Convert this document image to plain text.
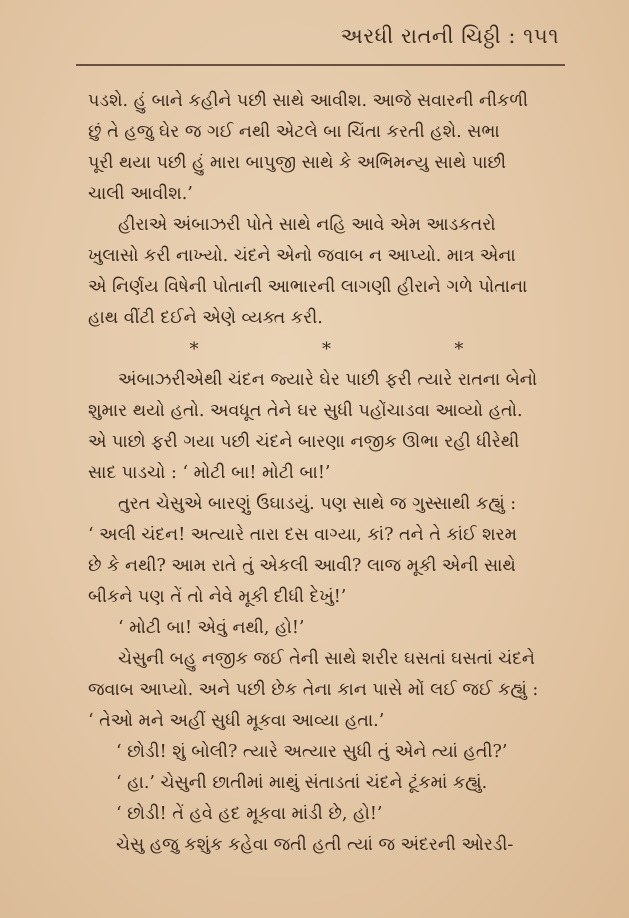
અરધી રાતની ચિઠ્ઠી : ૧૫૧
પડશે. હું બાને કહીને પછી સાથે આવીશ. આજે સવારની નીકળી
છું તે હજુ ઘેર જ ગઈ નથી એટલે બા ચિંતા કરતી હશે. સભા
પૂરી થયા પછી હું મારા બાપુજી સાથે કે અભિમન્યુ સાથે પાછી
ચાલી આવીશ.’
હીરાએ અંબાઝરી પોતે સાથે નહિ આવે એમ આડકતરો
ખુલાસો કરી નાખ્યો. ચંદને એનો જવાબ ન આપ્યો. માત્ર એના
એ નિર્ણય વિષેની પોતાની આભારની લાગણી હીરાને ગળે પોતાના
હાથ વીંટી દઈને એણે વ્યક્ત કરી.
*	*	*
અંબાઝરીએથી ચંદન જ્યારે ઘેર પાછી ફરી ત્યારે રાતના બેનો
શુમાર થયો હતો. અવધૂત તેને ઘર સુધી પહોંચાડવા આવ્યો હતો.
એ પાછો ફરી ગયા પછી ચંદને બારણા નજીક ઊભા રહી ધીરેથી
સાદ પાડચો : ‘ મોટી બા! મોટી બા!’
તુરત ચેસુએ બારણું ઉઘાડયું. પણ સાથે જ ગુસ્સાથી કહ્યું :
‘ અલી ચંદન! અત્યારે તારા દસ વાગ્યા, કાં? તને તે કાંઈ શરમ
છે કે નથી? આમ રાતે તું એકલી આવી? લાજ મૂકી એની સાથે
બીકને પણ તેં તો નેવે મૂકી દીધી દેખું!’
‘ મોટી બા! એવું નથી, હો!’
ચેસુની બહુ નજીક જઈ તેની સાથે શરીર ઘસતાં ઘસતાં ચંદને
જવાબ આપ્યો. અને પછી છેક તેના કાન પાસે મોં લઈ જઈ કહ્યું :
‘ તેઓ મને અહીં સુધી મૂકવા આવ્યા હતા.’
‘ છોડી! શું બોલી? ત્યારે અત્યાર સુધી તું એને ત્યાં હતી?’
‘ હા.’ ચેસુની છાતીમાં માથું સંતાડતાં ચંદને ટૂંકમાં કહ્યું.
‘ છોડી! તેં હવે હદ મૂકવા માંડી છે, હો!’
ચેસુ હજુ કશુંક કહેવા જતી હતી ત્યાં જ અંદરની ઓરડી-
